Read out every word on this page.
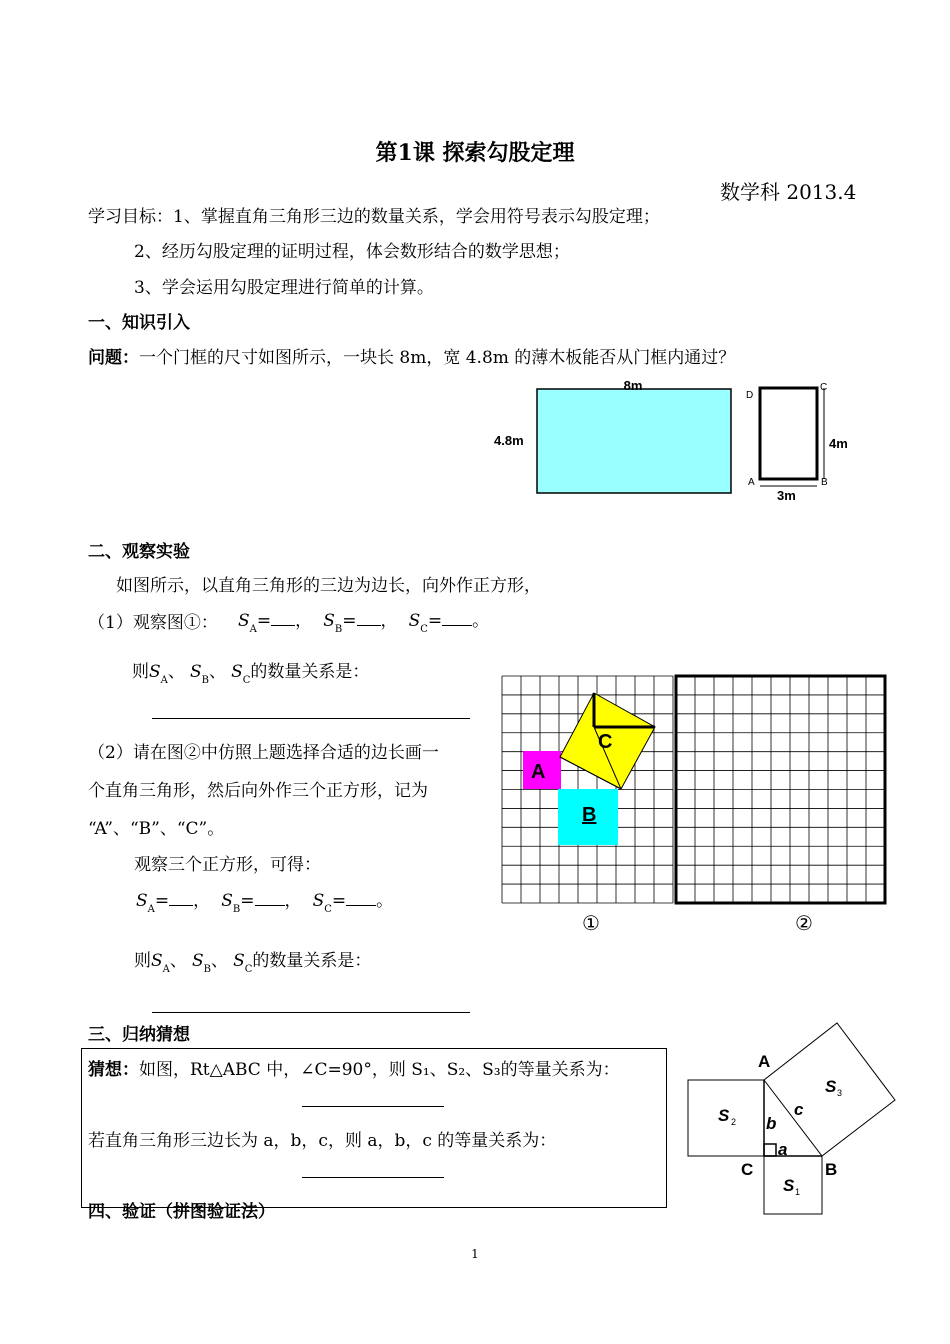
第1课 探索勾股定理
数学科 2013.4
学习目标：1、掌握直角三角形三边的数量关系，学会用符号表示勾股定理；
2、经历勾股定理的证明过程，体会数形结合的数学思想；
3、学会运用勾股定理进行简单的计算。
一、知识引入
问题：一个门框的尺寸如图所示，一块长 8m，宽 4.8m 的薄木板能否从门框内通过？
8m
4.8m
D
C
A	B
4m
3m
二、观察实验
如图所示，以直角三角形的三边为边长，向外作正方形，
（1）观察图①： $S_A=$ ， $S_B=$ ， $S_C=$ 。
则$S_A$、 $S_B$、 $S_C$的数量关系是：
（2）请在图②中仿照上题选择合适的边长画一
个直角三角形，然后向外作三个正方形，记为
“A”、“B”、“C”。
观察三个正方形，可得：
$S_A=$ ， $S_B=$ ， $S_C=$ 。
则$S_A$、 $S_B$、 $S_C$的数量关系是：
A
B
C
①	②
三、归纳猜想
猜想：如图，Rt△ABC 中，∠C=90°，则 S₁、S₂、S₃的等量关系为：
若直角三角形三边长为 a，b，c，则 a，b，c 的等量关系为：
四、验证（拼图验证法）
A
C	B
a
b
c
S 2
S 1
S 3
1
